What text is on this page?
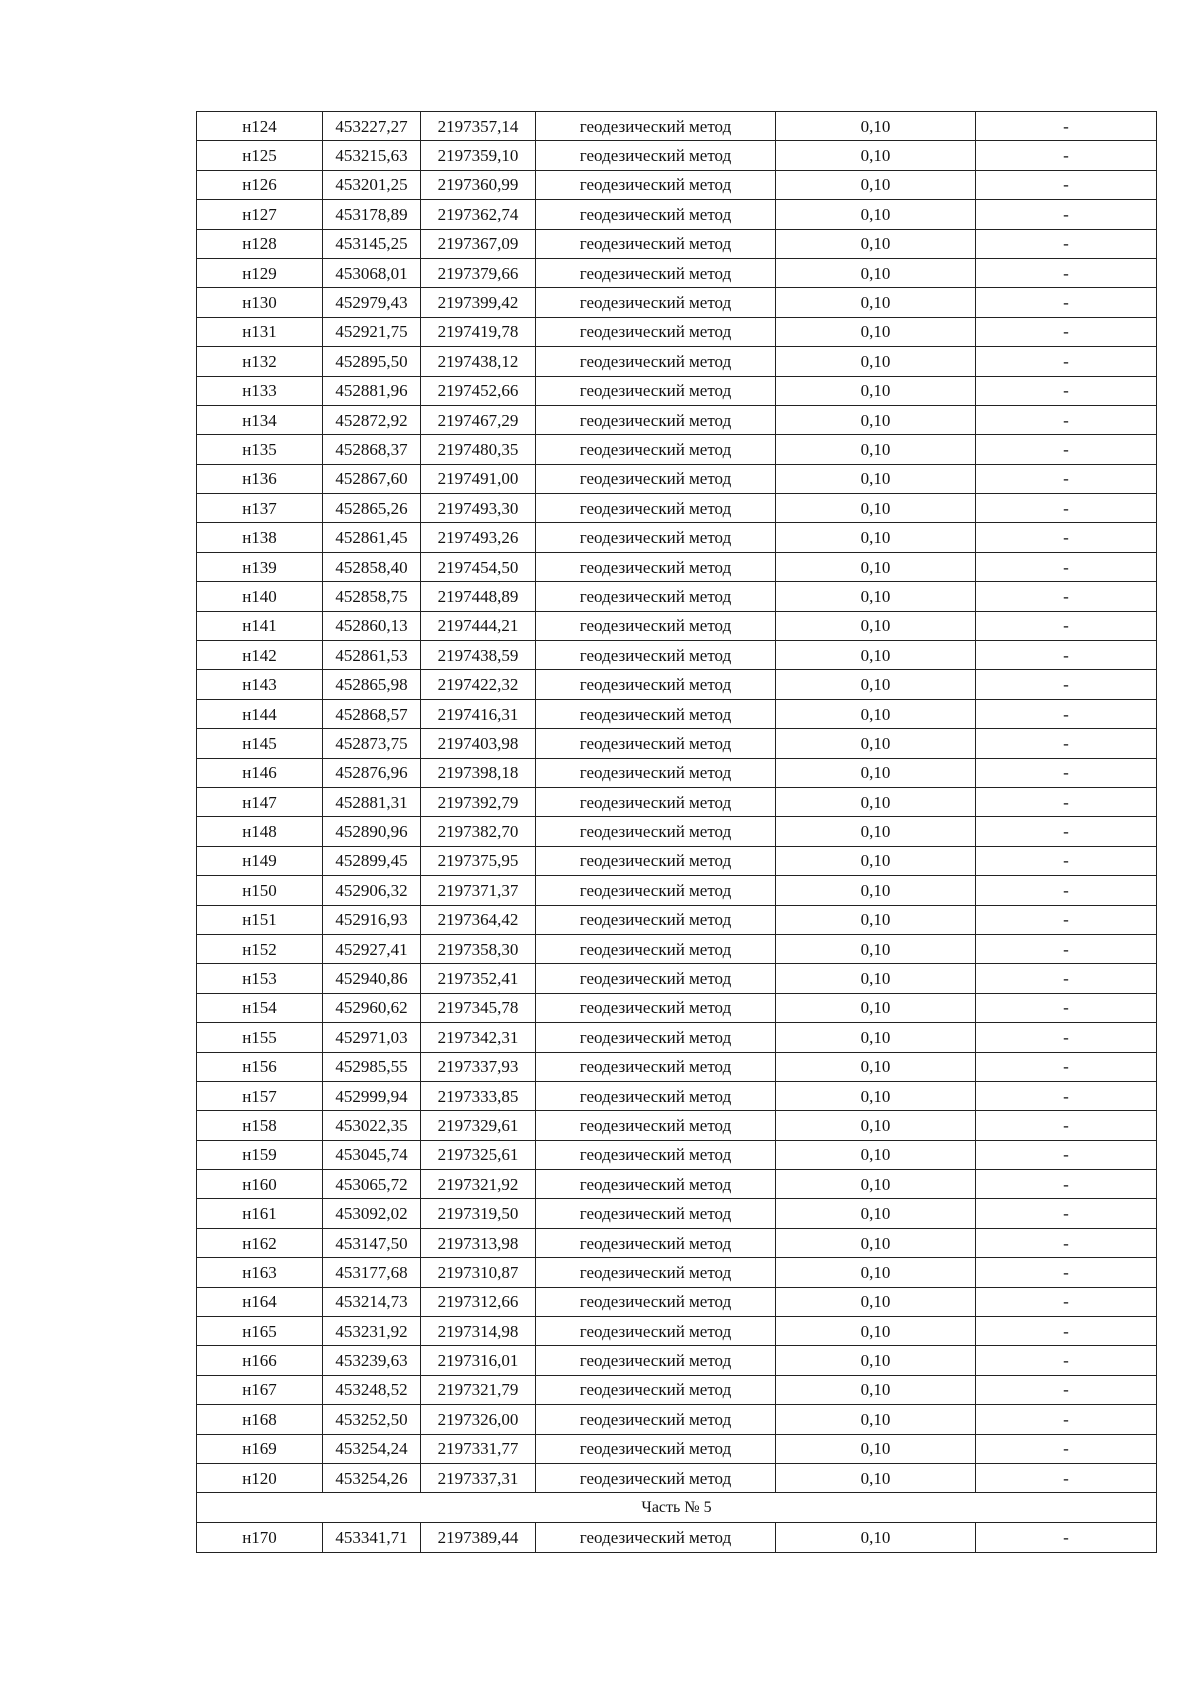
н124	453227,27	2197357,14	геодезический метод	0,10	-
н125	453215,63	2197359,10	геодезический метод	0,10	-
н126	453201,25	2197360,99	геодезический метод	0,10	-
н127	453178,89	2197362,74	геодезический метод	0,10	-
н128	453145,25	2197367,09	геодезический метод	0,10	-
н129	453068,01	2197379,66	геодезический метод	0,10	-
н130	452979,43	2197399,42	геодезический метод	0,10	-
н131	452921,75	2197419,78	геодезический метод	0,10	-
н132	452895,50	2197438,12	геодезический метод	0,10	-
н133	452881,96	2197452,66	геодезический метод	0,10	-
н134	452872,92	2197467,29	геодезический метод	0,10	-
н135	452868,37	2197480,35	геодезический метод	0,10	-
н136	452867,60	2197491,00	геодезический метод	0,10	-
н137	452865,26	2197493,30	геодезический метод	0,10	-
н138	452861,45	2197493,26	геодезический метод	0,10	-
н139	452858,40	2197454,50	геодезический метод	0,10	-
н140	452858,75	2197448,89	геодезический метод	0,10	-
н141	452860,13	2197444,21	геодезический метод	0,10	-
н142	452861,53	2197438,59	геодезический метод	0,10	-
н143	452865,98	2197422,32	геодезический метод	0,10	-
н144	452868,57	2197416,31	геодезический метод	0,10	-
н145	452873,75	2197403,98	геодезический метод	0,10	-
н146	452876,96	2197398,18	геодезический метод	0,10	-
н147	452881,31	2197392,79	геодезический метод	0,10	-
н148	452890,96	2197382,70	геодезический метод	0,10	-
н149	452899,45	2197375,95	геодезический метод	0,10	-
н150	452906,32	2197371,37	геодезический метод	0,10	-
н151	452916,93	2197364,42	геодезический метод	0,10	-
н152	452927,41	2197358,30	геодезический метод	0,10	-
н153	452940,86	2197352,41	геодезический метод	0,10	-
н154	452960,62	2197345,78	геодезический метод	0,10	-
н155	452971,03	2197342,31	геодезический метод	0,10	-
н156	452985,55	2197337,93	геодезический метод	0,10	-
н157	452999,94	2197333,85	геодезический метод	0,10	-
н158	453022,35	2197329,61	геодезический метод	0,10	-
н159	453045,74	2197325,61	геодезический метод	0,10	-
н160	453065,72	2197321,92	геодезический метод	0,10	-
н161	453092,02	2197319,50	геодезический метод	0,10	-
н162	453147,50	2197313,98	геодезический метод	0,10	-
н163	453177,68	2197310,87	геодезический метод	0,10	-
н164	453214,73	2197312,66	геодезический метод	0,10	-
н165	453231,92	2197314,98	геодезический метод	0,10	-
н166	453239,63	2197316,01	геодезический метод	0,10	-
н167	453248,52	2197321,79	геодезический метод	0,10	-
н168	453252,50	2197326,00	геодезический метод	0,10	-
н169	453254,24	2197331,77	геодезический метод	0,10	-
н120	453254,26	2197337,31	геодезический метод	0,10	-
Часть № 5					
н170	453341,71	2197389,44	геодезический метод	0,10	-
